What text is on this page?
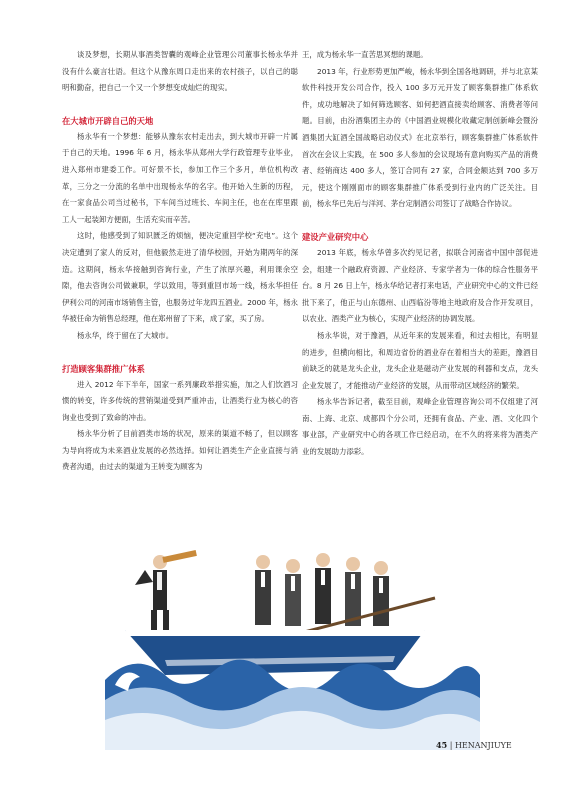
谈及梦想，长期从事酒类智囊的观峰企业管理公司董事长杨永华并没有什么豪言壮语。但这个从豫东周口走出来的农村孩子，以自己的聪明和勤奋，把自己一个又一个梦想变成灿烂的现实。

在大城市开辟自己的天地

杨永华有一个梦想：能够从豫东农村走出去，到大城市开辟一片属于自己的天地。1996 年 6 月，杨永华从郑州大学行政管理专业毕业，进入郑州市建委工作。可好景不长，参加工作三个多月，单位机构改革，三分之一分流的名单中出现杨永华的名字。他开始入生新的历程，在一家食品公司当过秘书，下车间当过班长、车间主任，也在在库里跟工人一起装卸方便面，生活充实而辛苦。

这时，他感受到了知识匮乏的烦恼，便决定重回学校“充电”。这个决定遭到了家人的反对，但他毅然走进了清华校园，开始为期两年的深造。这期间，杨永华接触到咨询行业，产生了浓厚兴趣，利用课余空隙，他去咨询公司做兼职，学以致用，等到重回市场一线，杨永华担任伊利公司的河南市场销售主管，也服务过年龙四五酒业。2000 年，杨永华被任命为销售总经理，他在郑州留了下来，成了家，买了房。

杨永华，终于留在了大城市。

打造顾客集群推广体系

进入 2012 年下半年，国家一系列廉政举措实施，加之人们饮酒习惯的转变，许多传统的营销渠道受到严重冲击，让酒类行业为核心的咨询业也受到了致命的冲击。

杨永华分析了目前酒类市场的状况，原来的渠道不畅了，但以顾客为导向将成为未来酒业发展的必然选择。如何让酒类生产企业直接与消费者沟通，由过去的渠道为王转变为顾客为

王，成为杨永华一直苦思冥想的课题。

2013 年，行业形势更加严峻，杨永华到全国各地调研，并与北京某软件科技开发公司合作，投入 100 多万元开发了顾客集群推广体系软件，成功地解决了如何筛选顾客、如何把酒直接卖给顾客、消费者等问题。目前，由汾酒集团主办的《中国酒业规模化收藏定制创新峰会暨汾酒集团大缸酒全国战略启动仪式》在北京举行，顾客集群推广体系软件首次在会议上实践，在 500 多人参加的会议现场有意向购买产品的消费者、经销商达 400 多人，签订合同有 27 家，合同金额达到 700 多万元，使这个刚刚面市的顾客集群推广体系受到行业内的广泛关注。目前，杨永华已先后与洋河、茅台定制酒公司签订了战略合作协议。

建设产业研究中心

2013 年底，杨永华曾多次约见记者，拟联合河南省中国中部促进会，组建一个融政府资源、产业经济、专家学者为一体的综合性服务平台。8 月 26 日上午，杨永华给记者打来电话，产业研究中心的文件已经批下来了，他正与山东德州、山西临汾等地主地政府及合作开发项目，以农业、酒类产业为核心，实现产业经济的协调发展。

杨永华说，对于豫酒，从近年来的发展来看，和过去相比，有明显的进步，但横向相比，和周边省份的酒业存在着相当大的差距，豫酒目前缺乏的就是龙头企业，龙头企业是磁动产业发展的利器和支点，龙头企业发展了，才能推动产业经济的发展，从而带动区域经济的繁荣。

杨永华告诉记者，截至目前，观峰企业管理咨询公司不仅组建了河南、上海、北京、成都四个分公司，还拥有食品、产业、酒、文化四个事业部，产业研究中心的各项工作已经启动，在不久的将来将为酒类产业的发展助力添彩。

45 | HENANJIUYE
